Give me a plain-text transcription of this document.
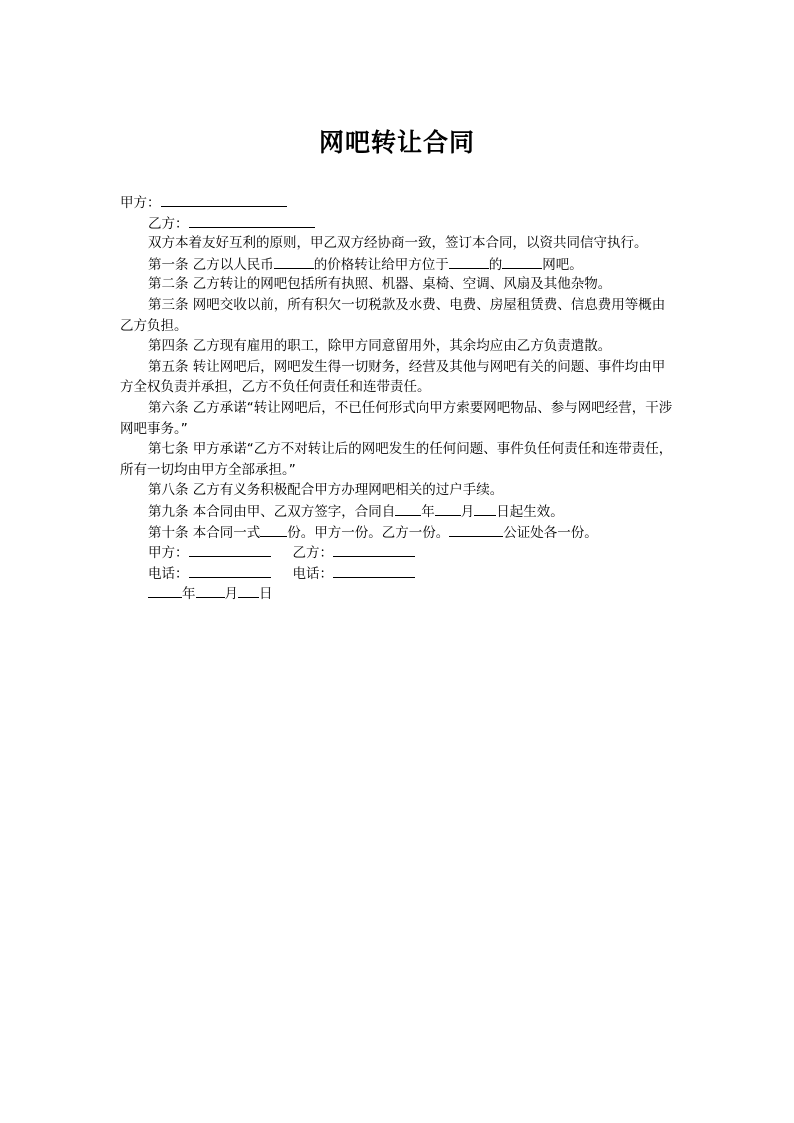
网吧转让合同
甲方：
乙方：
双方本着友好互利的原则，甲乙双方经协商一致，签订本合同，以资共同信守执行。
第一条 乙方以人民币	的价格转让给甲方位于	的	网吧。
第二条 乙方转让的网吧包括所有执照、机器、桌椅、空调、风扇及其他杂物。
第三条 网吧交收以前，所有积欠一切税款及水费、电费、房屋租赁费、信息费用等概由乙方负担。
第四条 乙方现有雇用的职工，除甲方同意留用外，其余均应由乙方负责遣散。
第五条 转让网吧后，网吧发生得一切财务，经营及其他与网吧有关的问题、事件均由甲方全权负责并承担，乙方不负任何责任和连带责任。
第六条 乙方承诺“转让网吧后，不已任何形式向甲方索要网吧物品、参与网吧经营，干涉网吧事务。”
第七条 甲方承诺“乙方不对转让后的网吧发生的任何问题、事件负任何责任和连带责任，所有一切均由甲方全部承担。”
第八条 乙方有义务积极配合甲方办理网吧相关的过户手续。
第九条 本合同由甲、乙双方签字，合同自 年 月 日起生效。
第十条 本合同一式 份。甲方一份。乙方一份。	公证处各一份。
甲方：	乙方：
电话：	电话：
年 月 日
